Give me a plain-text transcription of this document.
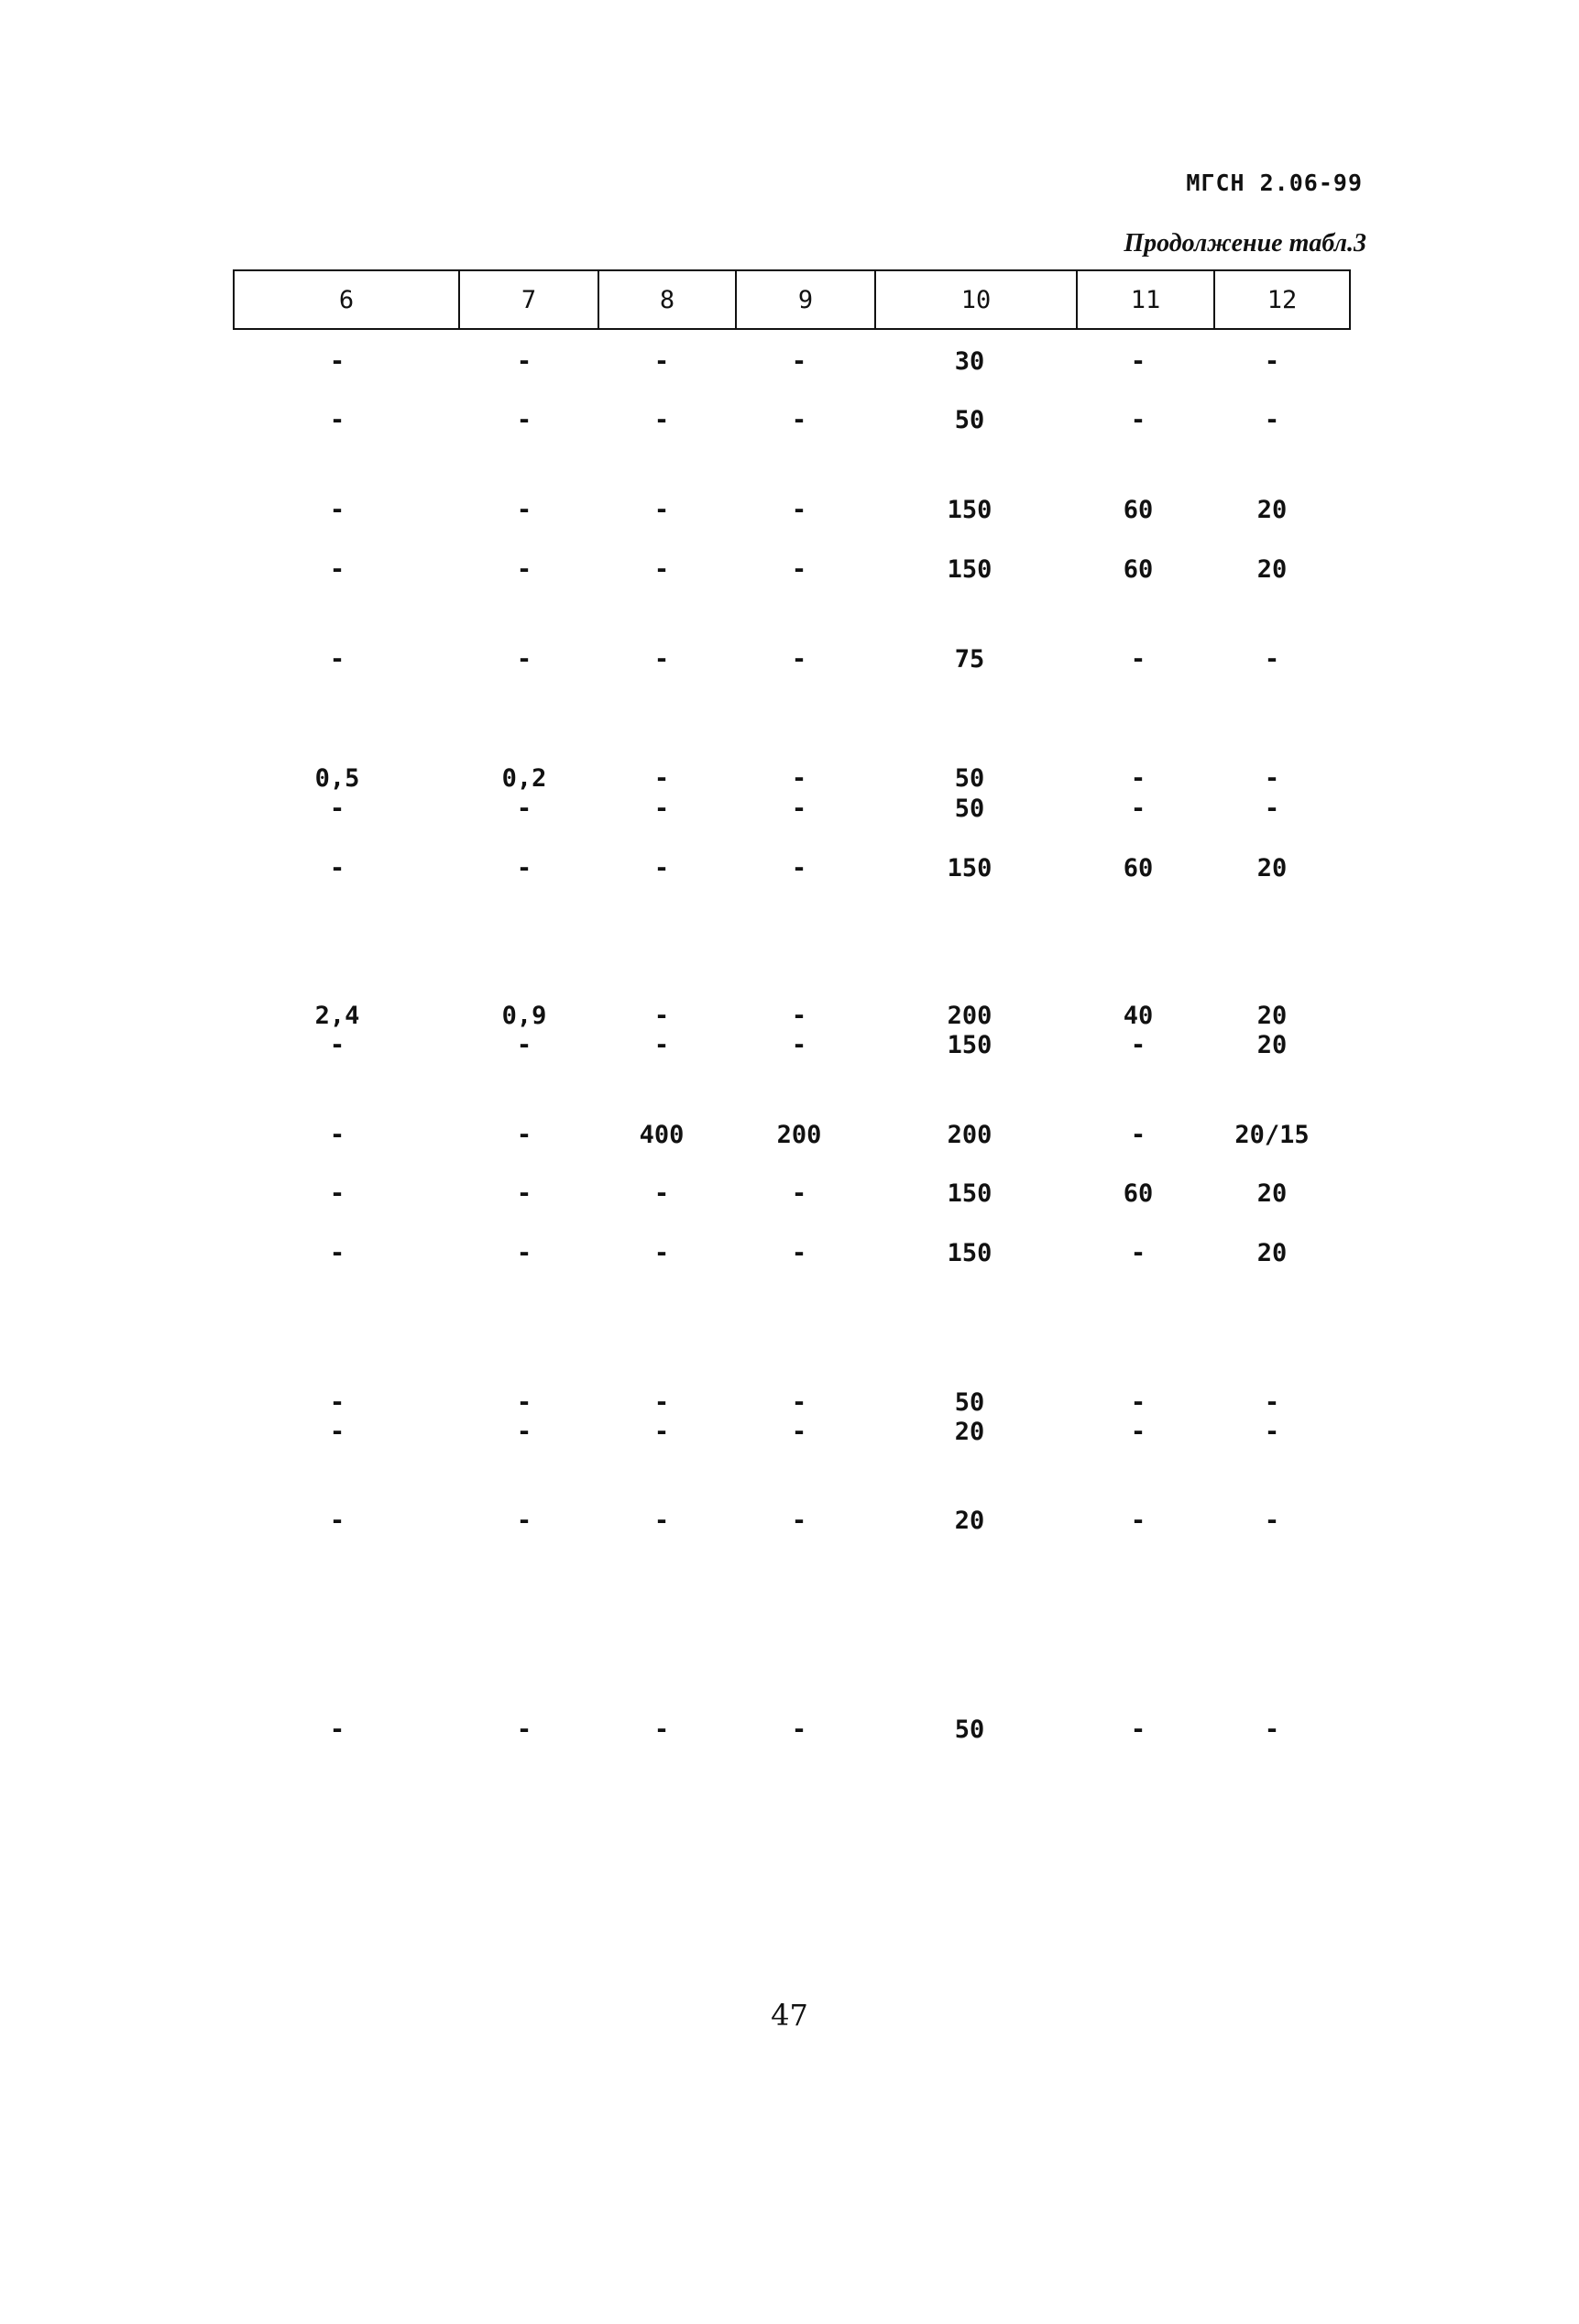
МГСН 2.06-99
Продолжение табл.3
6	7	8	9	10	11	12
-	-	-	-	30	-	-
-	-	-	-	50	-	-
-	-	-	-	150	60	20
-	-	-	-	150	60	20
-	-	-	-	75	-	-
0,5	0,2	-	-	50	-	-
-	-	-	-	50	-	-
-	-	-	-	150	60	20
2,4	0,9	-	-	200	40	20
-	-	-	-	150	-	20
-	-	400	200	200	-	20/15
-	-	-	-	150	60	20
-	-	-	-	150	-	20
-	-	-	-	50	-	-
-	-	-	-	20	-	-
-	-	-	-	20	-	-
-	-	-	-	50	-	-
47
